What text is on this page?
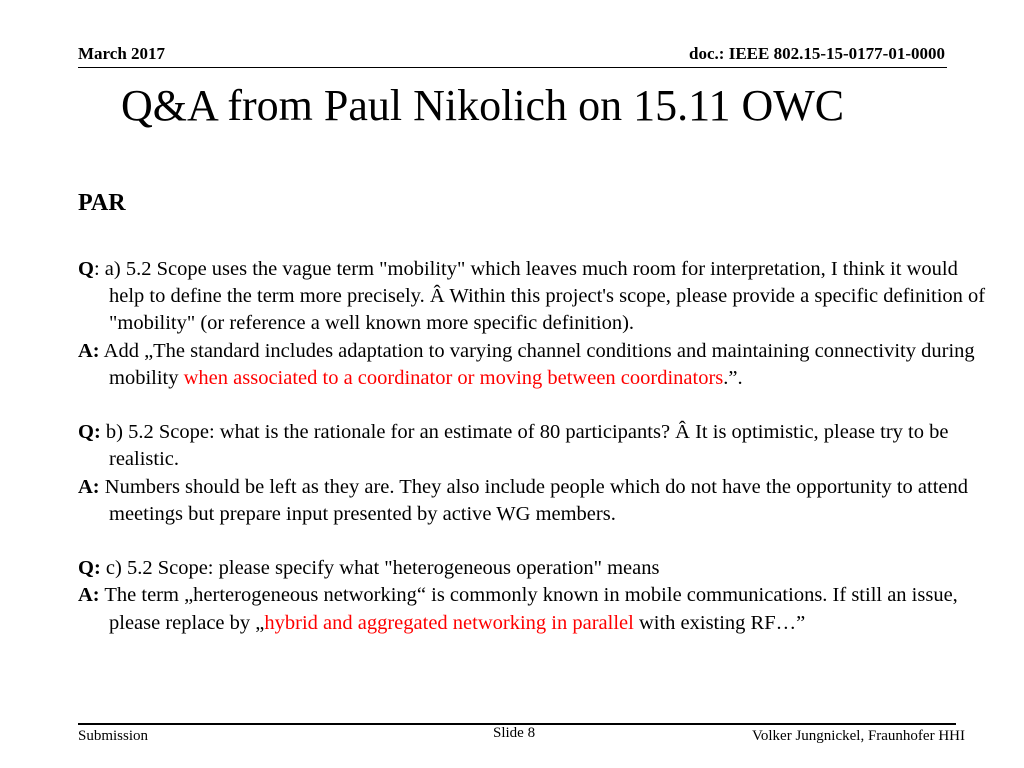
March 2017	doc.: IEEE 802.15-15-0177-01-0000
Q&A from Paul Nikolich on 15.11 OWC
PAR
Q: a) 5.2 Scope uses the vague term "mobility" which leaves much room for interpretation, I think it would help to define the term more precisely. Â Within this project's scope, please provide a specific definition of "mobility" (or reference a well known more specific definition).
A: Add „The standard includes adaptation to varying channel conditions and maintaining connectivity during mobility when associated to a coordinator or moving between coordinators.”.
Q: b) 5.2 Scope: what is the rationale for an estimate of 80 participants? Â It is optimistic, please try to be realistic.
A: Numbers should be left as they are. They also include people which do not have the opportunity to attend meetings but prepare input presented by active WG members.
Q: c) 5.2 Scope: please specify what "heterogeneous operation" means
A: The term „herterogeneous networking“ is commonly known in mobile communications. If still an issue, please replace by „hybrid and aggregated networking in parallel with existing RF…”
Submission	Slide 8	Volker Jungnickel, Fraunhofer HHI
